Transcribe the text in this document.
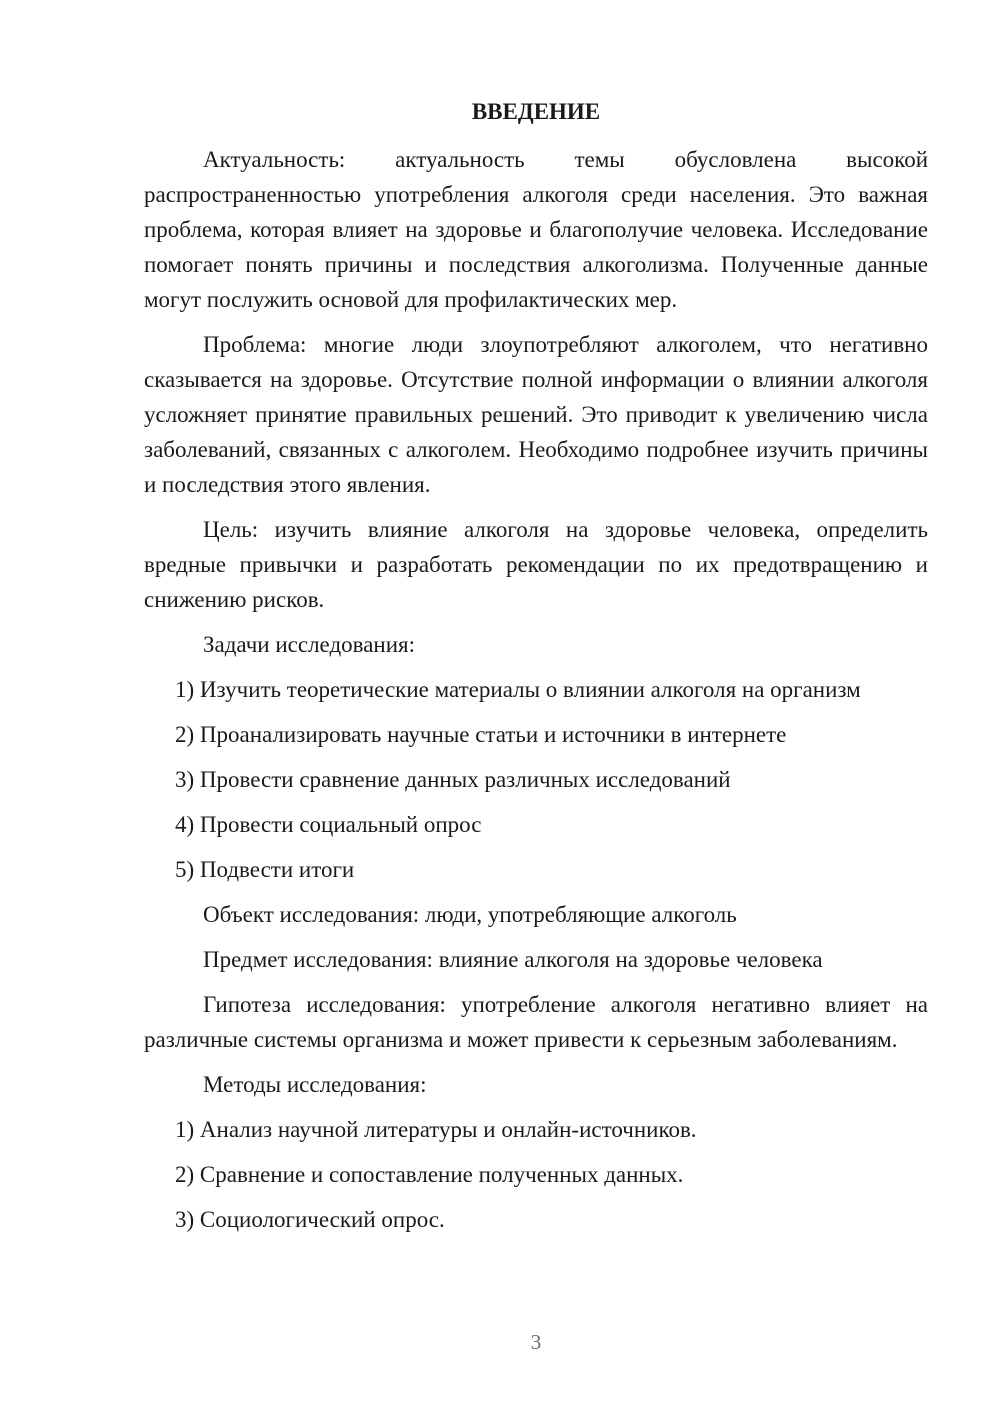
ВВЕДЕНИЕ

Актуальность: актуальность темы обусловлена высокой распространенностью употребления алкоголя среди населения. Это важная проблема, которая влияет на здоровье и благополучие человека. Исследование помогает понять причины и последствия алкоголизма. Полученные данные могут послужить основой для профилактических мер.

Проблема: многие люди злоупотребляют алкоголем, что негативно сказывается на здоровье. Отсутствие полной информации о влиянии алкоголя усложняет принятие правильных решений. Это приводит к увеличению числа заболеваний, связанных с алкоголем. Необходимо подробнее изучить причины и последствия этого явления.

Цель: изучить влияние алкоголя на здоровье человека, определить вредные привычки и разработать рекомендации по их предотвращению и снижению рисков.

Задачи исследования:

1) Изучить теоретические материалы о влиянии алкоголя на организм

2) Проанализировать научные статьи и источники в интернете

3) Провести сравнение данных различных исследований

4) Провести социальный опрос

5) Подвести итоги

Объект исследования: люди, употребляющие алкоголь

Предмет исследования: влияние алкоголя на здоровье человека

Гипотеза исследования: употребление алкоголя негативно влияет на различные системы организма и может привести к серьезным заболеваниям.

Методы исследования:

1) Анализ научной литературы и онлайн-источников.

2) Сравнение и сопоставление полученных данных.

3) Социологический опрос.

3
